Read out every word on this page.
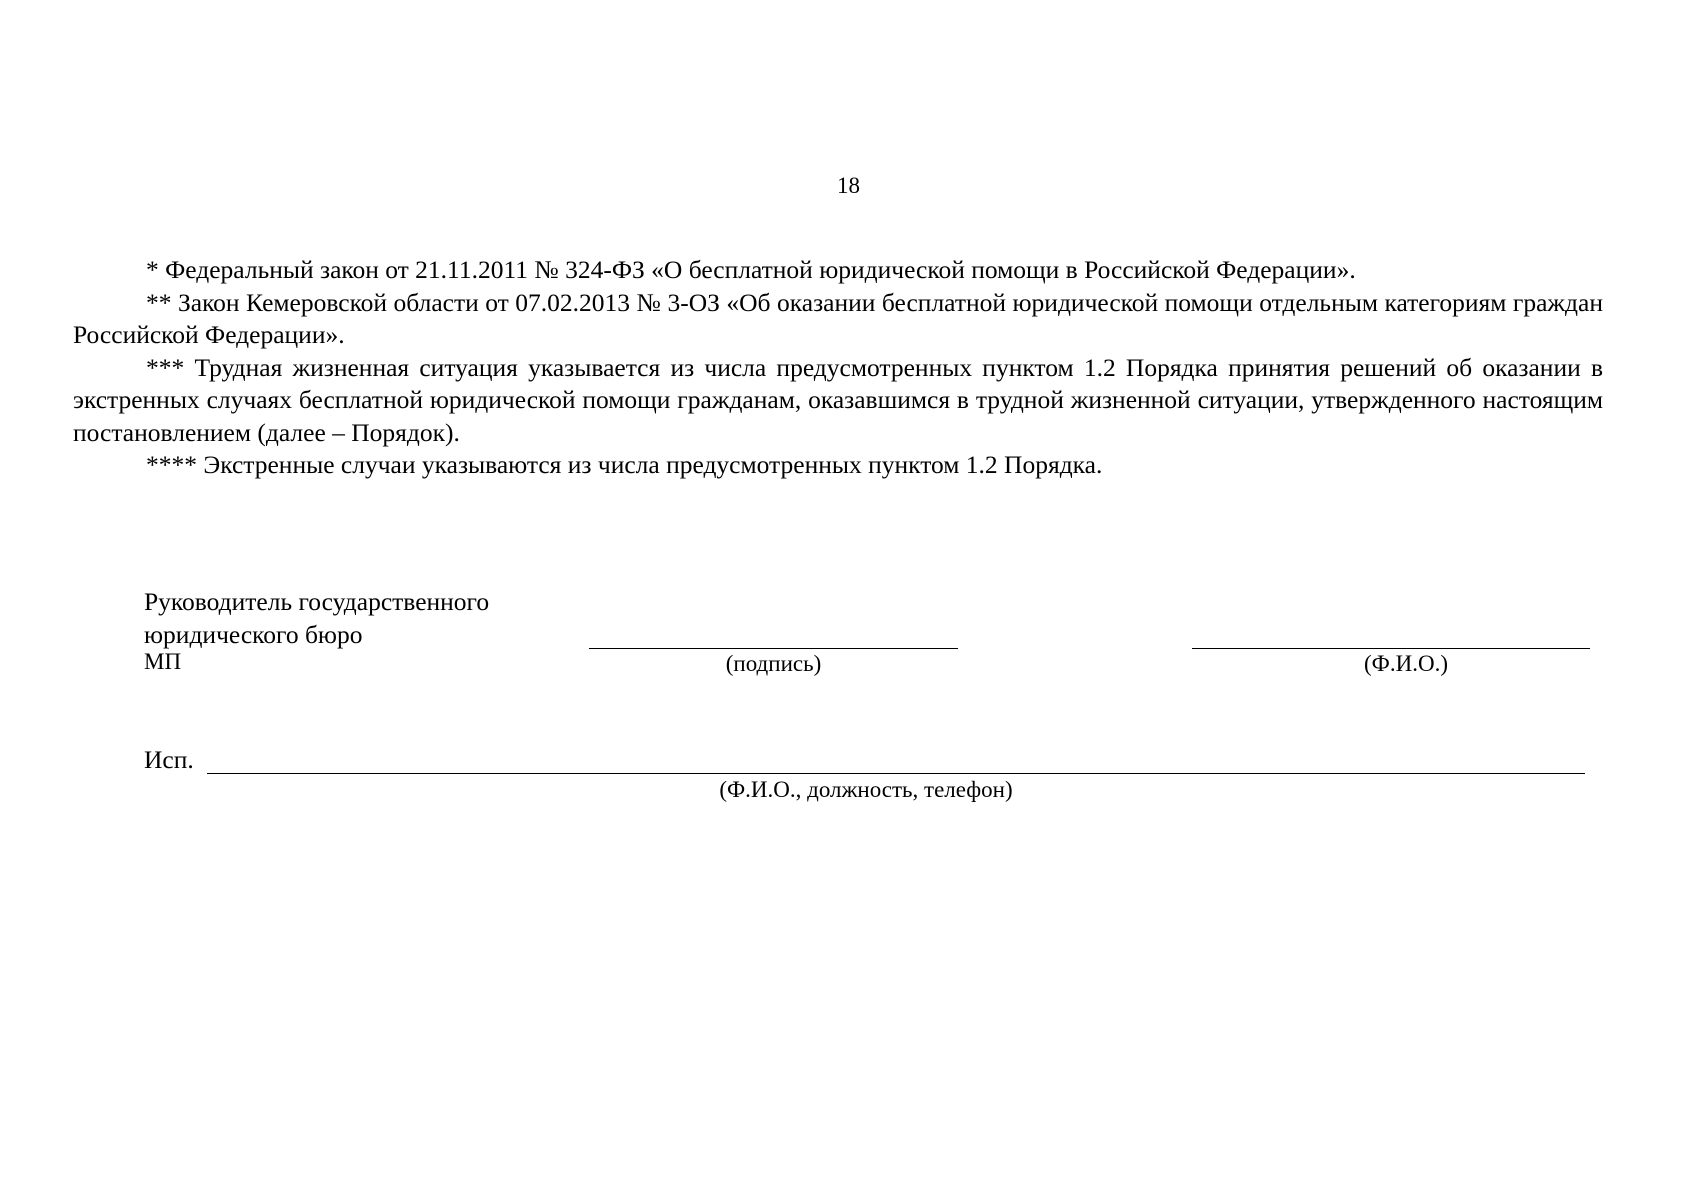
18

* Федеральный закон от 21.11.2011 № 324-ФЗ «О бесплатной юридической помощи в Российской Федерации».

** Закон Кемеровской области от 07.02.2013 № 3-ОЗ «Об оказании бесплатной юридической помощи отдельным категориям граждан Российской Федерации».

*** Трудная жизненная ситуация указывается из числа предусмотренных пунктом 1.2 Порядка принятия решений об оказании в экстренных случаях бесплатной юридической помощи гражданам, оказавшимся в трудной жизненной ситуации, утвержденного настоящим постановлением (далее – Порядок).

**** Экстренные случаи указываются из числа предусмотренных пунктом 1.2 Порядка.

Руководитель государственного
юридического бюро
МП	(подпись)	(Ф.И.О.)
Исп.
(Ф.И.О., должность, телефон)
